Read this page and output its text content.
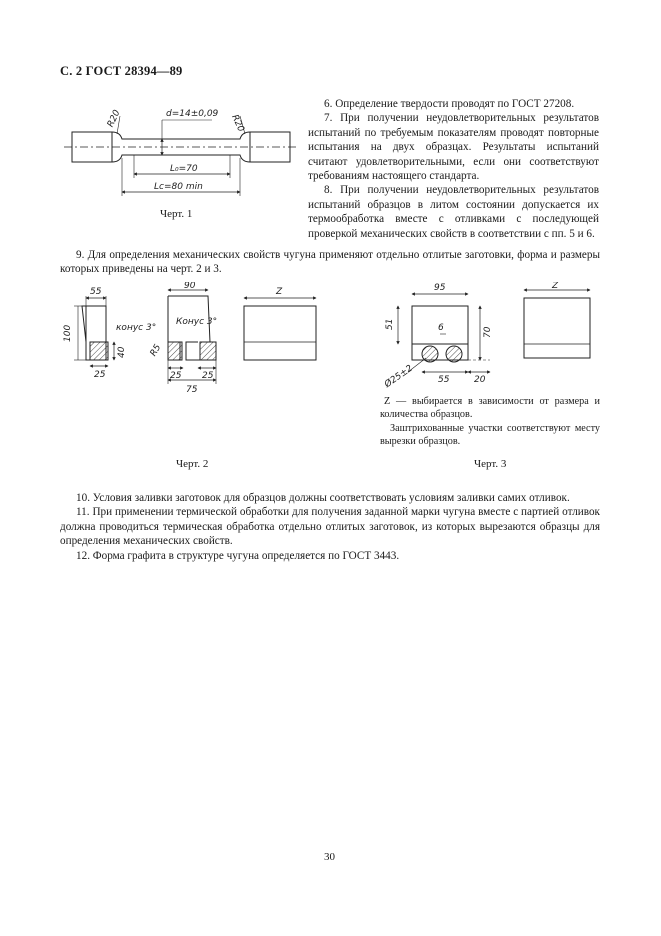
С. 2 ГОСТ 28394—89
d=14±0,09
R20	R20
L₀=70
Lc=80 min
Черт. 1

6. Определение твердости проводят по ГОСТ 27208.

7. При получении неудовлетворительных результатов испытаний по требуемым показателям проводят повторные испытания на двух образцах. Результаты испытаний считают удовлетворительными, если они соответствуют требованиям настоящего стандарта.

8. При получении неудовлетворительных результатов испытаний образцов в литом состоянии допускается их термообработка вместе с отливками с последующей проверкой механических свойств в соответствии с пп. 5 и 6.

9. Для определения механических свойств чугуна применяют отдельно отлитые заготовки, форма и размеры которых приведены на черт. 2 и 3.

55
100
40
25
конус 3°
90
Конус 3°
R5
25 25
75
Z
Черт. 2
95
51	6	70
Ø25±2	55	20
Z

Z — выбирается в зависимости от размера и количества образцов.

Заштрихованные участки соответствуют месту вырезки образцов.

Черт. 3

10. Условия заливки заготовок для образцов должны соответствовать условиям заливки самих отливок.

11. При применении термической обработки для получения заданной марки чугуна вместе с партией отливок должна проводиться термическая обработка отдельно отлитых заготовок, из которых вырезаются образцы для определения механических свойств.

12. Форма графита в структуре чугуна определяется по ГОСТ 3443.

30
